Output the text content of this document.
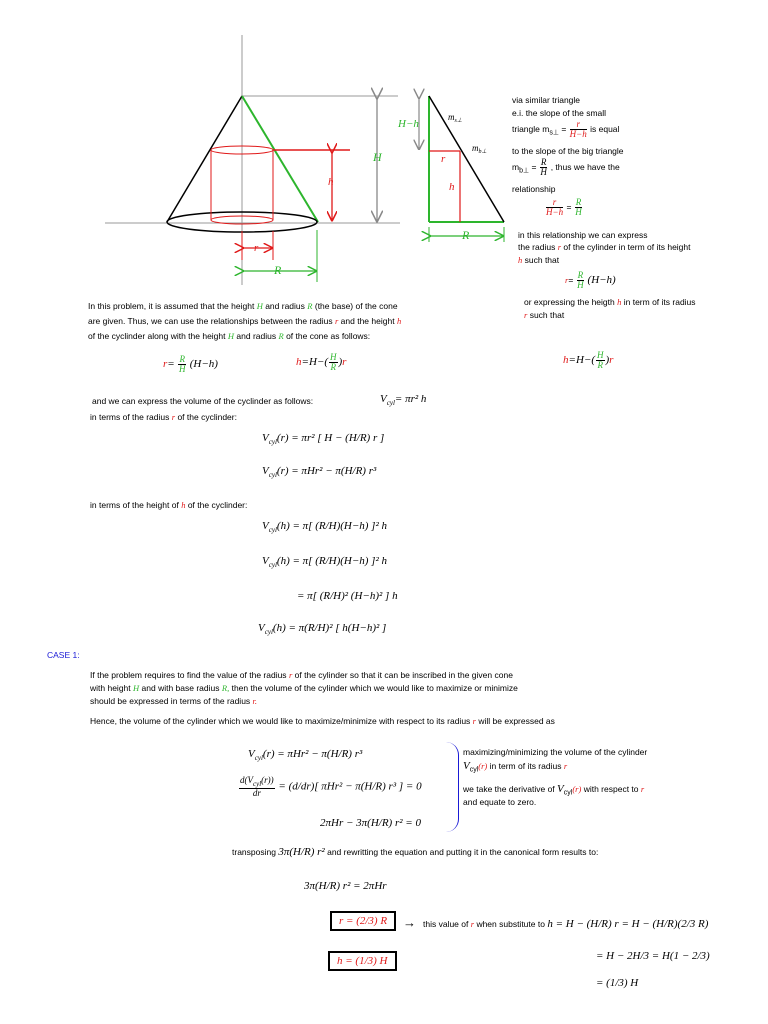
h
H
r
R
H−h
$m_{s\perp}$
$m_{b\perp}$
r
h
R
via similar triangle
e.i. the slope of the small
triangle $m_{s\perp} = \frac{r}{H-h}$ is equal
to the slope of the big triangle
$m_{b\perp} = \frac{R}{H}$ , thus we have the
relationship
$\frac{r}{H-h} = \frac{R}{H}$
in this relationship we can express
the radius r of the cylinder in term of its height
h such that
$r= \frac{R}{H} (H-h)$
or expressing the heigth h in term of its radius
r such that
In this problem, it is assumed that the height H and radius R (the base) of the cone
are given. Thus, we can use the relationships between the radius r and the height h
of the cyclinder along with the height H and radius R of the cone as follows:
$r= \frac{R}{H} (H-h)$	$h=H-( \frac{H}{R} )r$	$h=H-( \frac{H}{R} )r$
and we can express the volume of the cyclinder as follows:	$V_{cyl}= \pi r^2$ h
in terms of the radius r of the cyclinder:
$V_{cyl}(r) = \pi r^2$ [ H − (H/R) r ]
$V_{cyl}(r) = \pi Hr^2 - \pi(H/R)$ r³
in terms of the height of h of the cyclinder:
$V_{cyl}(h) = \pi$[ (R/H)(H−h) ]² h
$V_{cyl}(h) = \pi$[ (R/H)(H−h) ]² h
= π[ (R/H)² (H−h)² ] h
$V_{cyl}(h) = \pi(R/H)^2$ [ h(H−h)² ]
CASE 1:
If the problem requires to find the value of the radius r of the cylinder so that it can be inscribed in the given cone
with height H and with base radius R, then the volume of the cylinder which we would like to maximize or minimize
should be expressed in terms of the radius r.
Hence, the volume of the cylinder which we would like to maximize/minimize with respect to its radius r will be expressed as
$V_{cyl}(r) = \pi Hr^2 - \pi(H/R)$ r³
$\frac{d(V_{cyl}(r))}{dr} = (d/dr)$[ πHr² − π(H/R) r³ ] = 0
2πHr − 3π(H/R) r² = 0
maximizing/minimizing the volume of the cylinder
$V_{cyl}(r)$ in term of its radius r
we take the derivative of $V_{cyl}(r)$ with respect to r
and equate to zero.
transposing 3π(H/R) r² and rewritting the equation and putting it in the canonical form results to:
3π(H/R) r² = 2πHr
r = (2/3) R	→ this value of r when substitute to h = H − (H/R) r = H − (H/R)(2/3 R)
h = (1/3) H	= H − 2H/3 = H(1 − 2/3)
= (1/3) H
